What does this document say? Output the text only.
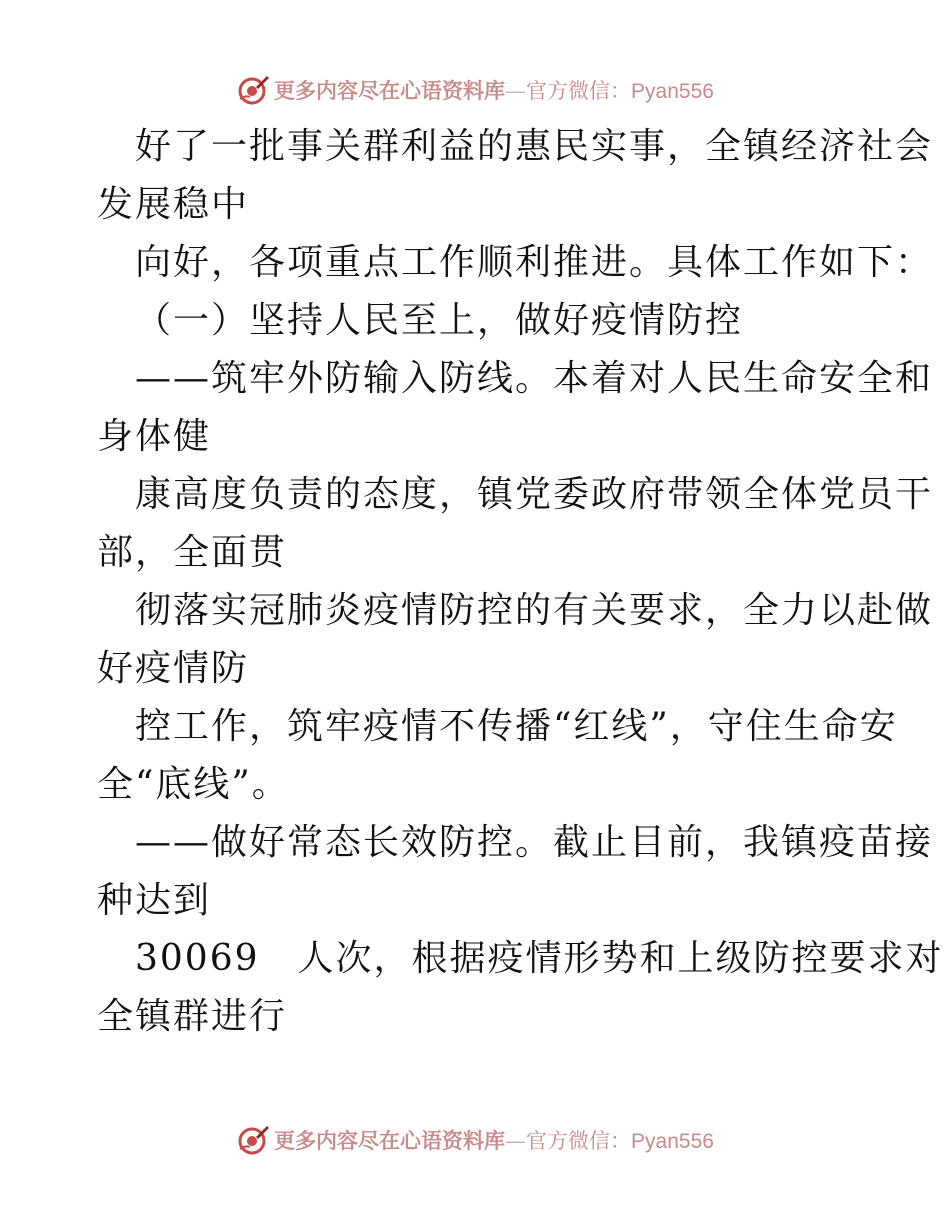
更多内容尽在心语资料库—官方微信：Pyan556
好了一批事关群利益的惠民实事，全镇经济社会
发展稳中
向好，各项重点工作顺利推进。具体工作如下：
（一）坚持人民至上，做好疫情防控
——筑牢外防输入防线。本着对人民生命安全和
身体健
康高度负责的态度，镇党委政府带领全体党员干
部，全面贯
彻落实冠肺炎疫情防控的有关要求，全力以赴做
好疫情防
控工作，筑牢疫情不传播“红线”，守住生命安
全“底线”。
——做好常态长效防控。截止目前，我镇疫苗接
种达到
30069　人次，根据疫情形势和上级防控要求对
全镇群进行
更多内容尽在心语资料库—官方微信：Pyan556
